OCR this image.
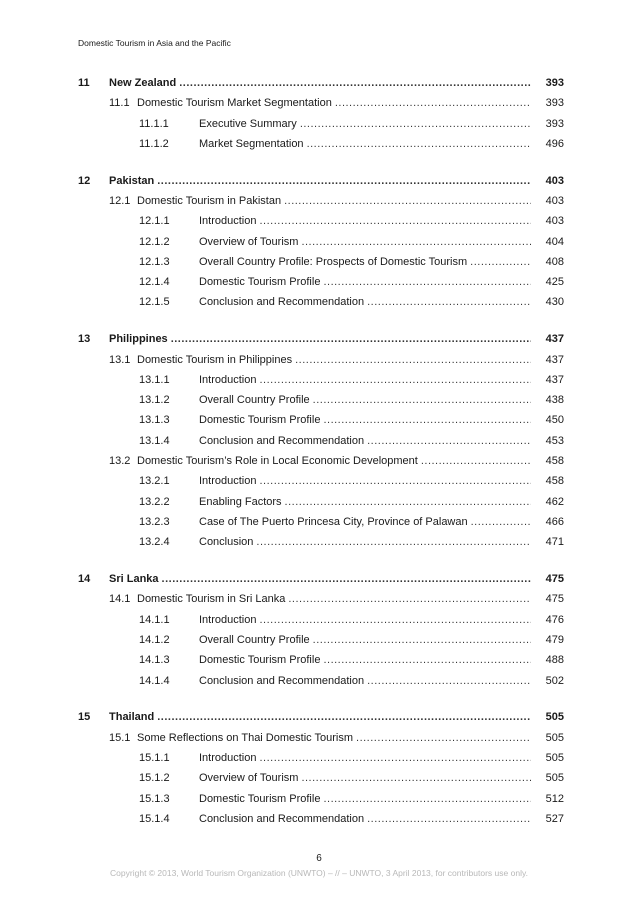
Domestic Tourism in Asia and the Pacific
11	New Zealand .....	393
11.1 Domestic Tourism Market Segmentation .....	393
11.1.1	Executive Summary .....	393
11.1.2	Market Segmentation .....	496
12	Pakistan .....	403
12.1 Domestic Tourism in Pakistan .....	403
12.1.1	Introduction .....	403
12.1.2	Overview of Tourism .....	404
12.1.3	Overall Country Profile: Prospects of Domestic Tourism .....	408
12.1.4	Domestic Tourism Profile .....	425
12.1.5	Conclusion and Recommendation .....	430
13	Philippines .....	437
13.1 Domestic Tourism in Philippines .....	437
13.1.1	Introduction .....	437
13.1.2	Overall Country Profile .....	438
13.1.3	Domestic Tourism Profile .....	450
13.1.4	Conclusion and Recommendation .....	453
13.2 Domestic Tourism’s Role in Local Economic Development .....	458
13.2.1	Introduction .....	458
13.2.2	Enabling Factors .....	462
13.2.3	Case of The Puerto Princesa City, Province of Palawan .....	466
13.2.4	Conclusion .....	471
14	Sri Lanka .....	475
14.1 Domestic Tourism in Sri Lanka .....	475
14.1.1	Introduction .....	476
14.1.2	Overall Country Profile .....	479
14.1.3	Domestic Tourism Profile .....	488
14.1.4	Conclusion and Recommendation .....	502
15	Thailand .....	505
15.1 Some Reflections on Thai Domestic Tourism .....	505
15.1.1	Introduction .....	505
15.1.2	Overview of Tourism .....	505
15.1.3	Domestic Tourism Profile .....	512
15.1.4	Conclusion and Recommendation .....	527
6
Copyright © 2013, World Tourism Organization (UNWTO) – // – UNWTO, 3 April 2013, for contributors use only.
